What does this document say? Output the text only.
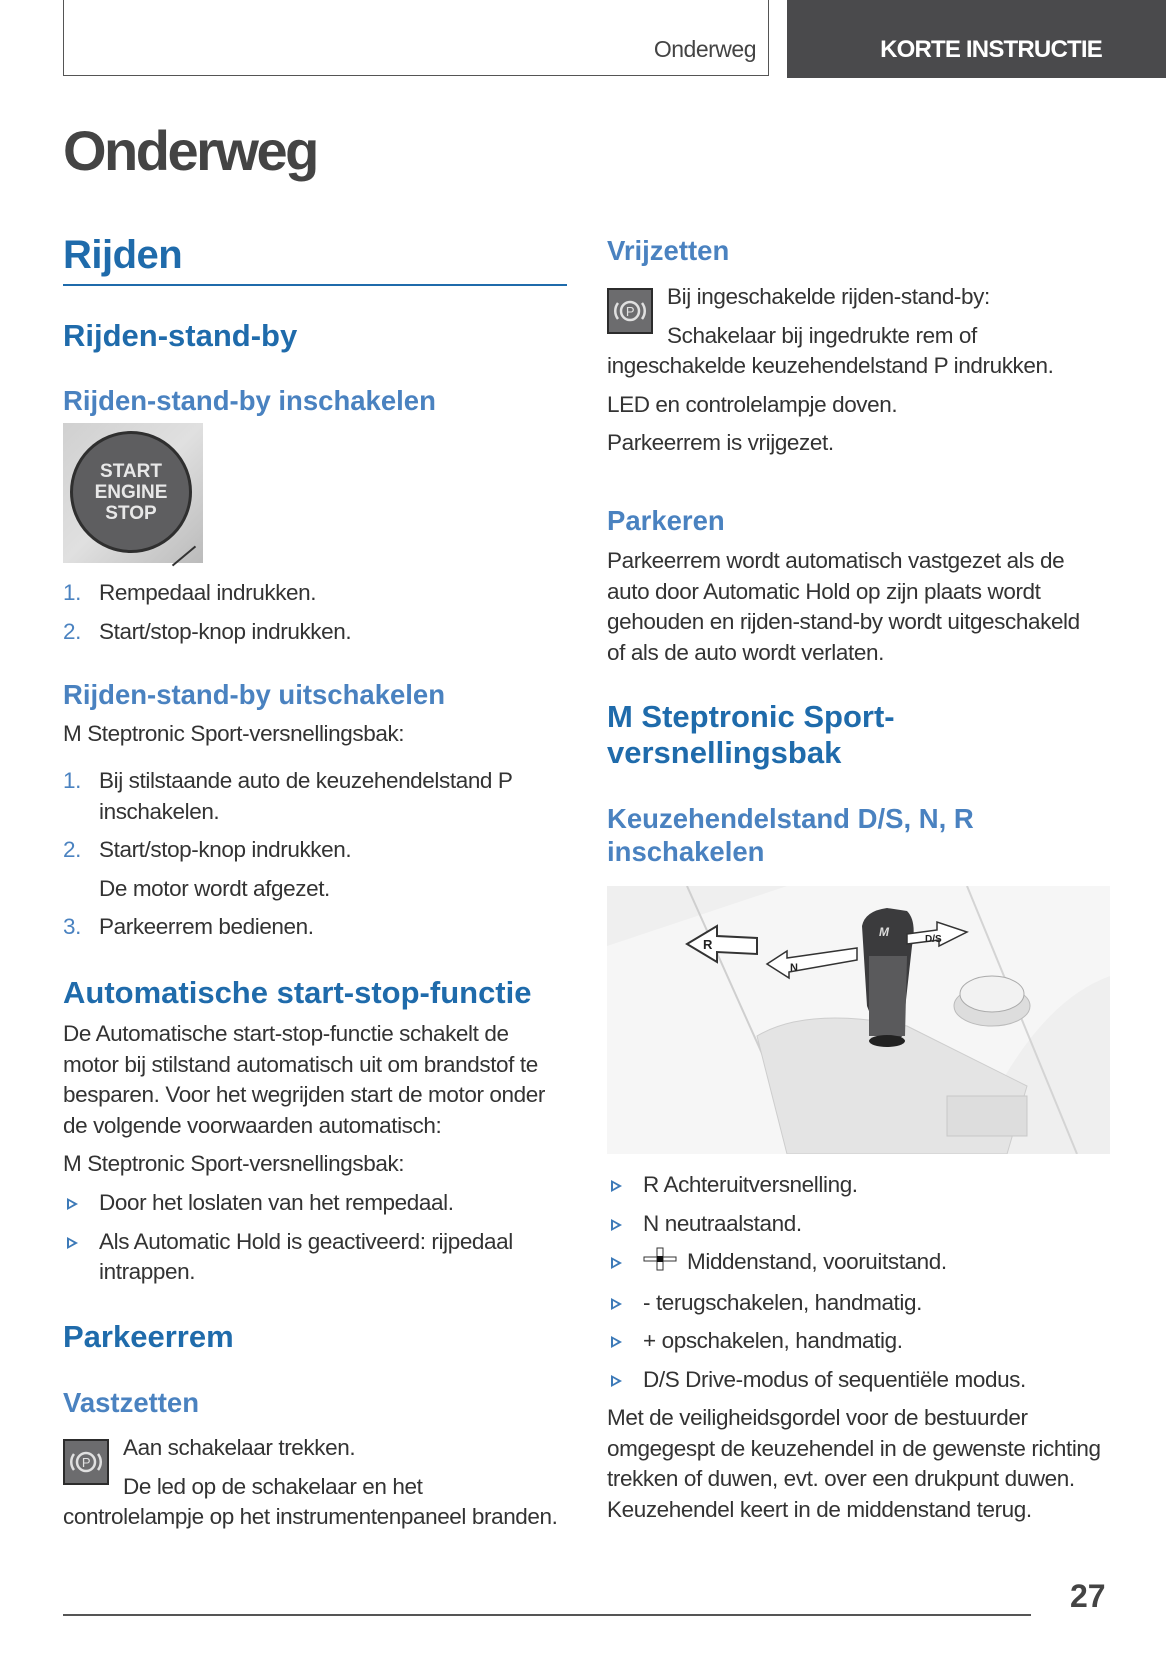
Onderweg	KORTE INSTRUCTIE
Onderweg
Rijden
Rijden-stand-by
Rijden-stand-by inschakelen
START
ENGINE
STOP
1. Rempedaal indrukken.
2. Start/stop-knop indrukken.
Rijden-stand-by uitschakelen
M Steptronic Sport-versnellingsbak:
1. Bij stilstaande auto de keuzehendelstand P inschakelen.
2. Start/stop-knop indrukken.
De motor wordt afgezet.
3. Parkeerrem bedienen.
Automatische start-stop-functie
De Automatische start-stop-functie schakelt de motor bij stilstand automatisch uit om brandstof te besparen. Voor het wegrijden start de motor onder de volgende voorwaarden automatisch:
M Steptronic Sport-versnellingsbak:
Door het loslaten van het rempedaal.
Als Automatic Hold is geactiveerd: rijpedaal intrappen.
Parkeerrem
Vastzetten
P
Aan schakelaar trekken.
De led op de schakelaar en het controlelampje op het instrumentenpaneel branden.
Vrijzetten
P
Bij ingeschakelde rijden-stand-by:
Schakelaar bij ingedrukte rem of ingeschakelde keuzehendelstand P indrukken.
LED en controlelampje doven.
Parkeerrem is vrijgezet.
Parkeren
Parkeerrem wordt automatisch vastgezet als de auto door Automatic Hold op zijn plaats wordt gehouden en rijden-stand-by wordt uitgeschakeld of als de auto wordt verlaten.
M Steptronic Sport-versnellingsbak
Keuzehendelstand D/S, N, R inschakelen
R
N
D/S
M
R Achteruitversnelling.
N neutraalstand.
Middenstand, vooruitstand.
- terugschakelen, handmatig.
+ opschakelen, handmatig.
D/S Drive-modus of sequentiële modus.
Met de veiligheidsgordel voor de bestuurder omgegespt de keuzehendel in de gewenste richting trekken of duwen, evt. over een drukpunt duwen. Keuzehendel keert in de middenstand terug.
27
